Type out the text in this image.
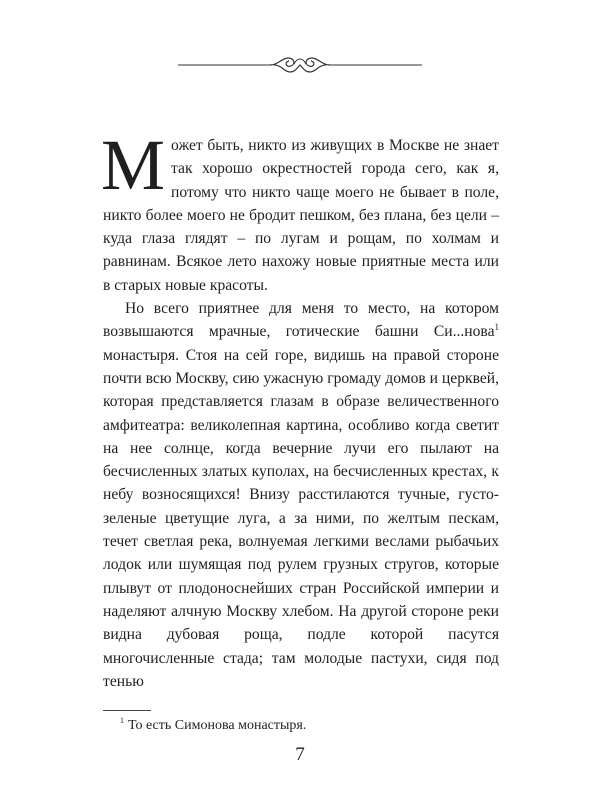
Может быть, никто из живущих в Москве не знает так хорошо окрестностей города сего, как я, потому что никто чаще моего не бывает в поле, никто более моего не бродит пешком, без плана, без цели – куда глаза глядят – по лугам и рощам, по холмам и равнинам. Всякое лето нахожу новые приятные места или в старых новые красоты.

Но всего приятнее для меня то место, на котором возвышаются мрачные, готические башни Си...нова$^1$ монастыря. Стоя на сей горе, видишь на правой стороне почти всю Москву, сию ужасную громаду домов и церквей, которая представляется глазам в образе величественного амфитеатра: великолепная картина, особливо когда светит на нее солнце, когда вечерние лучи его пылают на бесчисленных златых куполах, на бесчисленных крестах, к небу возносящихся! Внизу расстилаются тучные, густо-зеленые цветущие луга, а за ними, по желтым пескам, течет светлая река, волнуемая легкими веслами рыбачьих лодок или шумящая под рулем грузных стругов, которые плывут от плодоноснейших стран Российской империи и наделяют алчную Москву хлебом. На другой стороне реки видна дубовая роща, подле которой пасутся многочисленные стада; там молодые пастухи, сидя под тенью

$^1$ То есть Симонова монастыря.
7
